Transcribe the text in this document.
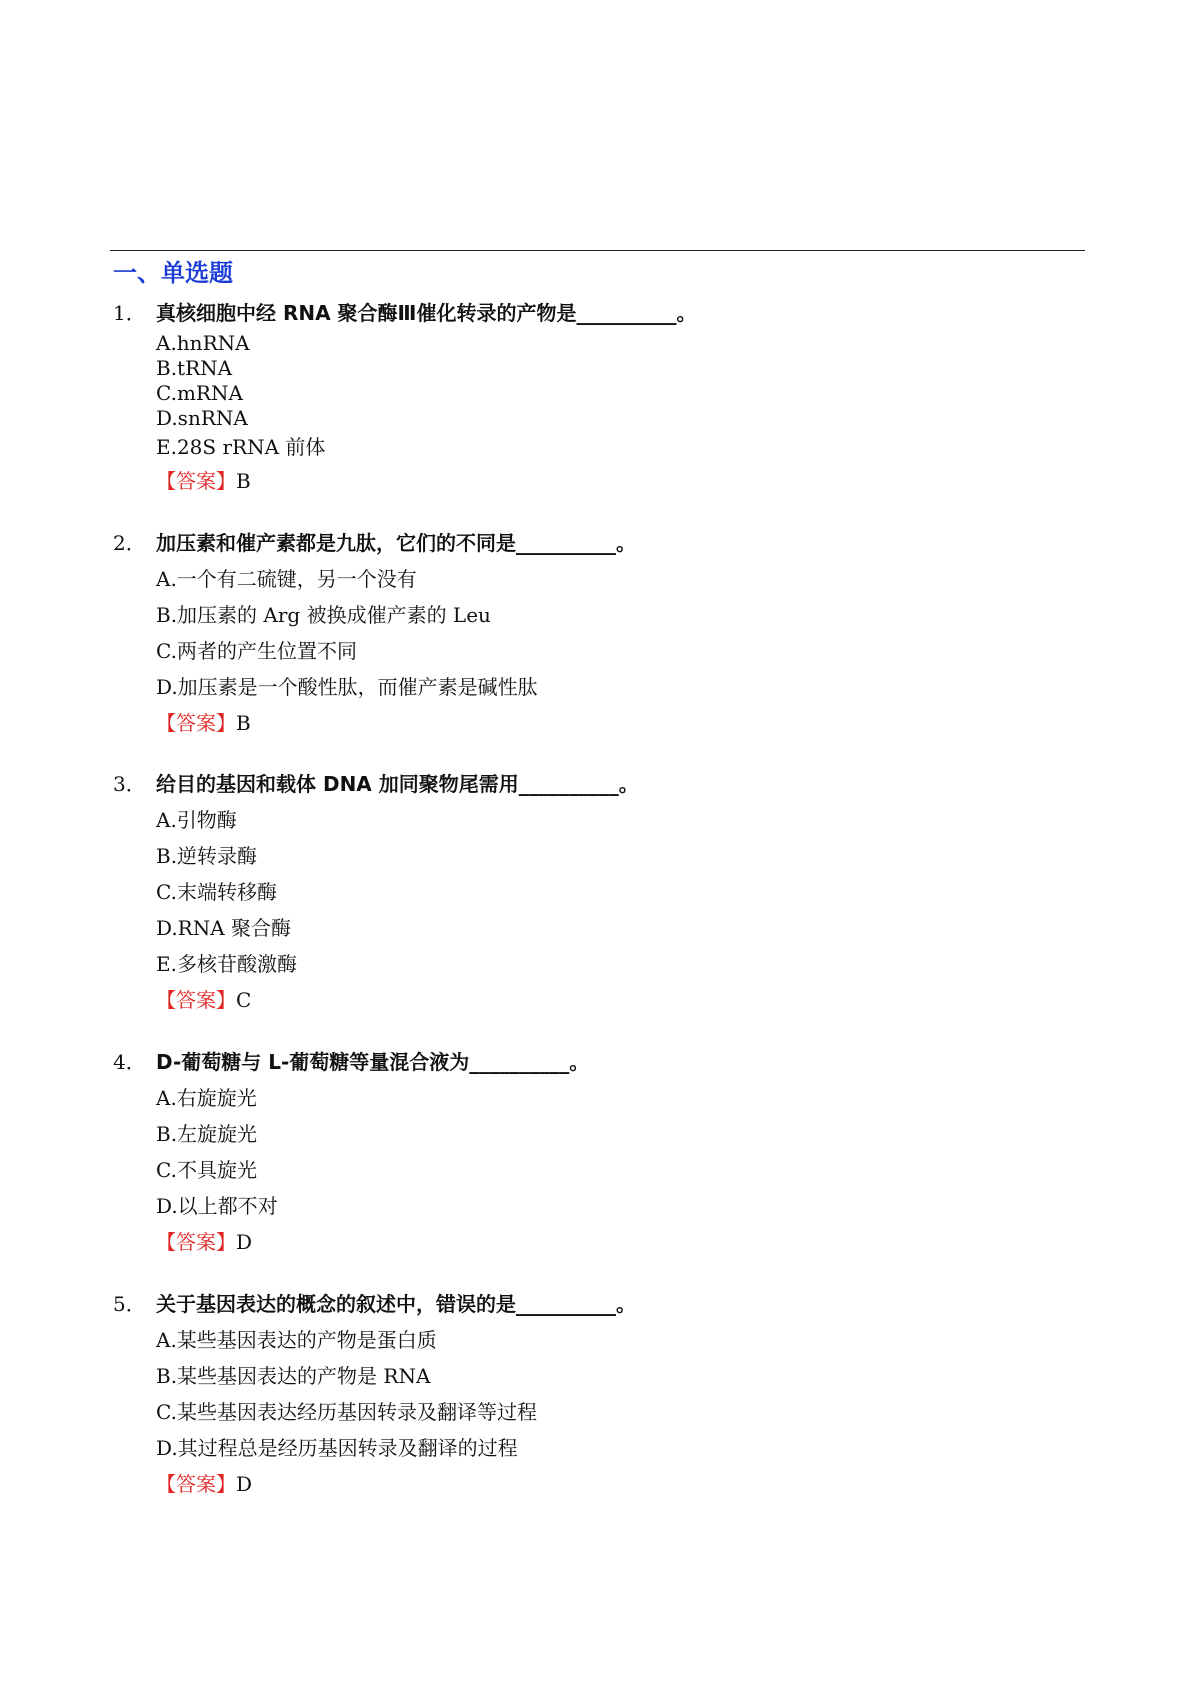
一、单选题
1． 真核细胞中经 RNA 聚合酶Ⅲ催化转录的产物是__________。
A.hnRNA
B.tRNA
C.mRNA
D.snRNA
E.28S rRNA 前体
【答案】B
2． 加压素和催产素都是九肽，它们的不同是__________。
A.一个有二硫键，另一个没有
B.加压素的 Arg 被换成催产素的 Leu
C.两者的产生位置不同
D.加压素是一个酸性肽，而催产素是碱性肽
【答案】B
3． 给目的基因和载体 DNA 加同聚物尾需用__________。
A.引物酶
B.逆转录酶
C.末端转移酶
D.RNA 聚合酶
E.多核苷酸激酶
【答案】C
4． D-葡萄糖与 L-葡萄糖等量混合液为__________。
A.右旋旋光
B.左旋旋光
C.不具旋光
D.以上都不对
【答案】D
5． 关于基因表达的概念的叙述中，错误的是__________。
A.某些基因表达的产物是蛋白质
B.某些基因表达的产物是 RNA
C.某些基因表达经历基因转录及翻译等过程
D.其过程总是经历基因转录及翻译的过程
【答案】D
